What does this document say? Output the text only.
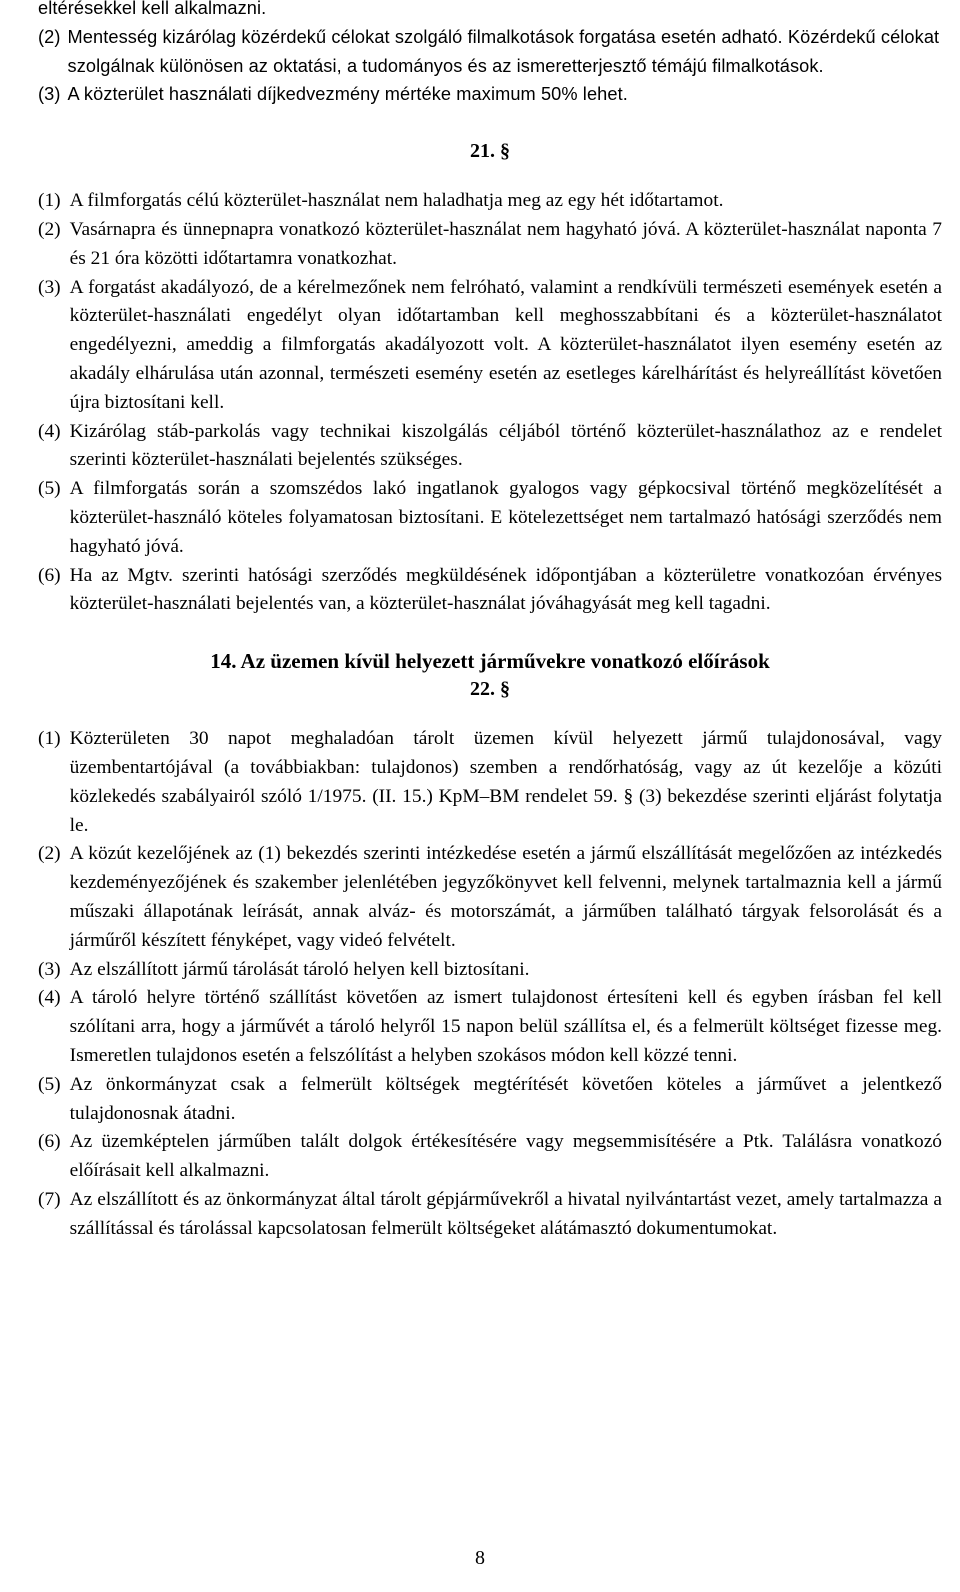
eltérésekkel kell alkalmazni.
(2) Mentesség kizárólag közérdekű célokat szolgáló filmalkotások forgatása esetén adható. Közérdekű célokat szolgálnak különösen az oktatási, a tudományos és az ismeretterjesztő témájú filmalkotások.
(3) A közterület használati díjkedvezmény mértéke maximum 50% lehet.
21. §
(1) A filmforgatás célú közterület-használat nem haladhatja meg az egy hét időtartamot.
(2) Vasárnapra és ünnepnapra vonatkozó közterület-használat nem hagyható jóvá. A közterület-használat naponta 7 és 21 óra közötti időtartamra vonatkozhat.
(3) A forgatást akadályozó, de a kérelmezőnek nem felróható, valamint a rendkívüli természeti események esetén a közterület-használati engedélyt olyan időtartamban kell meghosszabbítani és a közterület-használatot engedélyezni, ameddig a filmforgatás akadályozott volt. A közterület-használatot ilyen esemény esetén az akadály elhárulása után azonnal, természeti esemény esetén az esetleges kárelhárítást és helyreállítást követően újra biztosítani kell.
(4) Kizárólag stáb-parkolás vagy technikai kiszolgálás céljából történő közterület-használathoz az e rendelet szerinti közterület-használati bejelentés szükséges.
(5) A filmforgatás során a szomszédos lakó ingatlanok gyalogos vagy gépkocsival történő megközelítését a közterület-használó köteles folyamatosan biztosítani. E kötelezettséget nem tartalmazó hatósági szerződés nem hagyható jóvá.
(6) Ha az Mgtv. szerinti hatósági szerződés megküldésének időpontjában a közterületre vonatkozóan érvényes közterület-használati bejelentés van, a közterület-használat jóváhagyását meg kell tagadni.
14. Az üzemen kívül helyezett járművekre vonatkozó előírások
22. §
(1) Közterületen 30 napot meghaladóan tárolt üzemen kívül helyezett jármű tulajdonosával, vagy üzembentartójával (a továbbiakban: tulajdonos) szemben a rendőrhatóság, vagy az út kezelője a közúti közlekedés szabályairól szóló 1/1975. (II. 15.) KpM–BM rendelet 59. § (3) bekezdése szerinti eljárást folytatja le.
(2) A közút kezelőjének az (1) bekezdés szerinti intézkedése esetén a jármű elszállítását megelőzően az intézkedés kezdeményezőjének és szakember jelenlétében jegyzőkönyvet kell felvenni, melynek tartalmaznia kell a jármű műszaki állapotának leírását, annak alváz- és motorszámát, a járműben található tárgyak felsorolását és a járműről készített fényképet, vagy videó felvételt.
(3) Az elszállított jármű tárolását tároló helyen kell biztosítani.
(4) A tároló helyre történő szállítást követően az ismert tulajdonost értesíteni kell és egyben írásban fel kell szólítani arra, hogy a járművét a tároló helyről 15 napon belül szállítsa el, és a felmerült költséget fizesse meg. Ismeretlen tulajdonos esetén a felszólítást a helyben szokásos módon kell közzé tenni.
(5) Az önkormányzat csak a felmerült költségek megtérítését követően köteles a járművet a jelentkező tulajdonosnak átadni.
(6) Az üzemképtelen járműben talált dolgok értékesítésére vagy megsemmisítésére a Ptk. Találásra vonatkozó előírásait kell alkalmazni.
(7) Az elszállított és az önkormányzat által tárolt gépjárművekről a hivatal nyilvántartást vezet, amely tartalmazza a szállítással és tárolással kapcsolatosan felmerült költségeket alátámasztó dokumentumokat.
8
